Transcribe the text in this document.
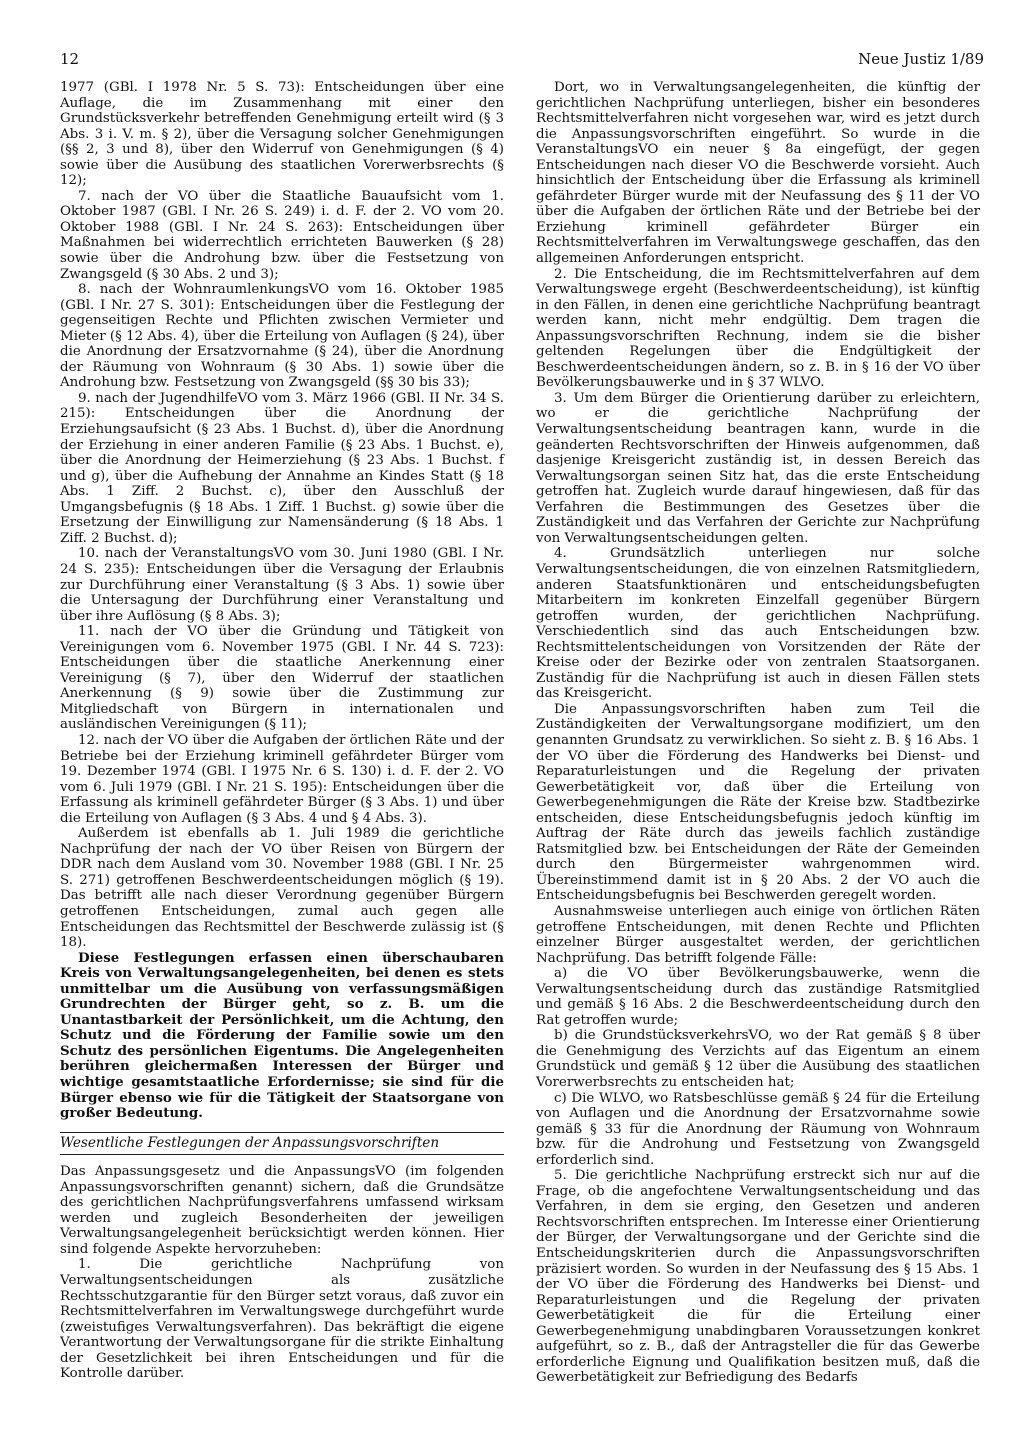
12	Neue Justiz 1/89

1977 (GBl. I 1978 Nr. 5 S. 73): Entscheidungen über eine Auflage, die im Zusammenhang mit einer den Grundstücksverkehr betreffenden Genehmigung erteilt wird (§ 3 Abs. 3 i. V. m. § 2), über die Versagung solcher Genehmigungen (§§ 2, 3 und 8), über den Widerruf von Genehmigungen (§ 4) sowie über die Ausübung des staatlichen Vorerwerbsrechts (§ 12);

7. nach der VO über die Staatliche Bauaufsicht vom 1. Oktober 1987 (GBl. I Nr. 26 S. 249) i. d. F. der 2. VO vom 20. Oktober 1988 (GBl. I Nr. 24 S. 263): Entscheidungen über Maßnahmen bei widerrechtlich errichteten Bauwerken (§ 28) sowie über die Androhung bzw. über die Festsetzung von Zwangsgeld (§ 30 Abs. 2 und 3);

8. nach der WohnraumlenkungsVO vom 16. Oktober 1985 (GBl. I Nr. 27 S. 301): Entscheidungen über die Festlegung der gegenseitigen Rechte und Pflichten zwischen Vermieter und Mieter (§ 12 Abs. 4), über die Erteilung von Auflagen (§ 24), über die Anordnung der Ersatzvornahme (§ 24), über die Anordnung der Räumung von Wohnraum (§ 30 Abs. 1) sowie über die Androhung bzw. Festsetzung von Zwangsgeld (§§ 30 bis 33);

9. nach der JugendhilfeVO vom 3. März 1966 (GBl. II Nr. 34 S. 215): Entscheidungen über die Anordnung der Erziehungsaufsicht (§ 23 Abs. 1 Buchst. d), über die Anordnung der Erziehung in einer anderen Familie (§ 23 Abs. 1 Buchst. e), über die Anordnung der Heimerziehung (§ 23 Abs. 1 Buchst. f und g), über die Aufhebung der Annahme an Kindes Statt (§ 18 Abs. 1 Ziff. 2 Buchst. c), über den Ausschluß der Umgangsbefugnis (§ 18 Abs. 1 Ziff. 1 Buchst. g) sowie über die Ersetzung der Einwilligung zur Namensänderung (§ 18 Abs. 1 Ziff. 2 Buchst. d);

10. nach der VeranstaltungsVO vom 30. Juni 1980 (GBl. I Nr. 24 S. 235): Entscheidungen über die Versagung der Erlaubnis zur Durchführung einer Veranstaltung (§ 3 Abs. 1) sowie über die Untersagung der Durchführung einer Veranstaltung und über ihre Auflösung (§ 8 Abs. 3);

11. nach der VO über die Gründung und Tätigkeit von Vereinigungen vom 6. November 1975 (GBl. I Nr. 44 S. 723): Entscheidungen über die staatliche Anerkennung einer Vereinigung (§ 7), über den Widerruf der staatlichen Anerkennung (§ 9) sowie über die Zustimmung zur Mitgliedschaft von Bürgern in internationalen und ausländischen Vereinigungen (§ 11);

12. nach der VO über die Aufgaben der örtlichen Räte und der Betriebe bei der Erziehung kriminell gefährdeter Bürger vom 19. Dezember 1974 (GBl. I 1975 Nr. 6 S. 130) i. d. F. der 2. VO vom 6. Juli 1979 (GBl. I Nr. 21 S. 195): Entscheidungen über die Erfassung als kriminell gefährdeter Bürger (§ 3 Abs. 1) und über die Erteilung von Auflagen (§ 3 Abs. 4 und § 4 Abs. 3).

Außerdem ist ebenfalls ab 1. Juli 1989 die gerichtliche Nachprüfung der nach der VO über Reisen von Bürgern der DDR nach dem Ausland vom 30. November 1988 (GBl. I Nr. 25 S. 271) getroffenen Beschwerdeentscheidungen möglich (§ 19). Das betrifft alle nach dieser Verordnung gegenüber Bürgern getroffenen Entscheidungen, zumal auch gegen alle Entscheidungen das Rechtsmittel der Beschwerde zulässig ist (§ 18).

Diese Festlegungen erfassen einen überschaubaren Kreis von Verwaltungsangelegenheiten, bei denen es stets unmittelbar um die Ausübung von verfassungsmäßigen Grundrechten der Bürger geht, so z. B. um die Unantastbarkeit der Persönlichkeit, um die Achtung, den Schutz und die Förderung der Familie sowie um den Schutz des persönlichen Eigentums. Die Angelegenheiten berühren gleichermaßen Interessen der Bürger und wichtige gesamtstaatliche Erfordernisse; sie sind für die Bürger ebenso wie für die Tätigkeit der Staatsorgane von großer Bedeutung.

Wesentliche Festlegungen der Anpassungsvorschriften

Das Anpassungsgesetz und die AnpassungsVO (im folgenden Anpassungsvorschriften genannt) sichern, daß die Grundsätze des gerichtlichen Nachprüfungsverfahrens umfassend wirksam werden und zugleich Besonderheiten der jeweiligen Verwaltungsangelegenheit berücksichtigt werden können. Hier sind folgende Aspekte hervorzuheben:

1. Die gerichtliche Nachprüfung von Verwaltungsentscheidungen als zusätzliche Rechtsschutzgarantie für den Bürger setzt voraus, daß zuvor ein Rechtsmittelverfahren im Verwaltungswege durchgeführt wurde (zweistufiges Verwaltungsverfahren). Das bekräftigt die eigene Verantwortung der Verwaltungsorgane für die strikte Einhaltung der Gesetzlichkeit bei ihren Entscheidungen und für die Kontrolle darüber.

Dort, wo in Verwaltungsangelegenheiten, die künftig der gerichtlichen Nachprüfung unterliegen, bisher ein besonderes Rechtsmittelverfahren nicht vorgesehen war, wird es jetzt durch die Anpassungsvorschriften eingeführt. So wurde in die VeranstaltungsVO ein neuer § 8a eingefügt, der gegen Entscheidungen nach dieser VO die Beschwerde vorsieht. Auch hinsichtlich der Entscheidung über die Erfassung als kriminell gefährdeter Bürger wurde mit der Neufassung des § 11 der VO über die Aufgaben der örtlichen Räte und der Betriebe bei der Erziehung kriminell gefährdeter Bürger ein Rechtsmittelverfahren im Verwaltungswege geschaffen, das den allgemeinen Anforderungen entspricht.

2. Die Entscheidung, die im Rechtsmittelverfahren auf dem Verwaltungswege ergeht (Beschwerdeentscheidung), ist künftig in den Fällen, in denen eine gerichtliche Nachprüfung beantragt werden kann, nicht mehr endgültig. Dem tragen die Anpassungsvorschriften Rechnung, indem sie die bisher geltenden Regelungen über die Endgültigkeit der Beschwerdeentscheidungen ändern, so z. B. in § 16 der VO über Bevölkerungsbauwerke und in § 37 WLVO.

3. Um dem Bürger die Orientierung darüber zu erleichtern, wo er die gerichtliche Nachprüfung der Verwaltungsentscheidung beantragen kann, wurde in die geänderten Rechtsvorschriften der Hinweis aufgenommen, daß dasjenige Kreisgericht zuständig ist, in dessen Bereich das Verwaltungsorgan seinen Sitz hat, das die erste Entscheidung getroffen hat. Zugleich wurde darauf hingewiesen, daß für das Verfahren die Bestimmungen des Gesetzes über die Zuständigkeit und das Verfahren der Gerichte zur Nachprüfung von Verwaltungsentscheidungen gelten.

4. Grundsätzlich unterliegen nur solche Verwaltungsentscheidungen, die von einzelnen Ratsmitgliedern, anderen Staatsfunktionären und entscheidungsbefugten Mitarbeitern im konkreten Einzelfall gegenüber Bürgern getroffen wurden, der gerichtlichen Nachprüfung. Verschiedentlich sind das auch Entscheidungen bzw. Rechtsmittelentscheidungen von Vorsitzenden der Räte der Kreise oder der Bezirke oder von zentralen Staatsorganen. Zuständig für die Nachprüfung ist auch in diesen Fällen stets das Kreisgericht.

Die Anpassungsvorschriften haben zum Teil die Zuständigkeiten der Verwaltungsorgane modifiziert, um den genannten Grundsatz zu verwirklichen. So sieht z. B. § 16 Abs. 1 der VO über die Förderung des Handwerks bei Dienst- und Reparaturleistungen und die Regelung der privaten Gewerbetätigkeit vor, daß über die Erteilung von Gewerbegenehmigungen die Räte der Kreise bzw. Stadtbezirke entscheiden, diese Entscheidungsbefugnis jedoch künftig im Auftrag der Räte durch das jeweils fachlich zuständige Ratsmitglied bzw. bei Entscheidungen der Räte der Gemeinden durch den Bürgermeister wahrgenommen wird. Übereinstimmend damit ist in § 20 Abs. 2 der VO auch die Entscheidungsbefugnis bei Beschwerden geregelt worden.

Ausnahmsweise unterliegen auch einige von örtlichen Räten getroffene Entscheidungen, mit denen Rechte und Pflichten einzelner Bürger ausgestaltet werden, der gerichtlichen Nachprüfung. Das betrifft folgende Fälle:

a) die VO über Bevölkerungsbauwerke, wenn die Verwaltungsentscheidung durch das zuständige Ratsmitglied und gemäß § 16 Abs. 2 die Beschwerdeentscheidung durch den Rat getroffen wurde;

b) die GrundstücksverkehrsVO, wo der Rat gemäß § 8 über die Genehmigung des Verzichts auf das Eigentum an einem Grundstück und gemäß § 12 über die Ausübung des staatlichen Vorerwerbsrechts zu entscheiden hat;

c) Die WLVO, wo Ratsbeschlüsse gemäß § 24 für die Erteilung von Auflagen und die Anordnung der Ersatzvornahme sowie gemäß § 33 für die Anordnung der Räumung von Wohnraum bzw. für die Androhung und Festsetzung von Zwangsgeld erforderlich sind.

5. Die gerichtliche Nachprüfung erstreckt sich nur auf die Frage, ob die angefochtene Verwaltungsentscheidung und das Verfahren, in dem sie erging, den Gesetzen und anderen Rechtsvorschriften entsprechen. Im Interesse einer Orientierung der Bürger, der Verwaltungsorgane und der Gerichte sind die Entscheidungskriterien durch die Anpassungsvorschriften präzisiert worden. So wurden in der Neufassung des § 15 Abs. 1 der VO über die Förderung des Handwerks bei Dienst- und Reparaturleistungen und die Regelung der privaten Gewerbetätigkeit die für die Erteilung einer Gewerbegenehmigung unabdingbaren Voraussetzungen konkret aufgeführt, so z. B., daß der Antragsteller die für das Gewerbe erforderliche Eignung und Qualifikation besitzen muß, daß die Gewerbetätigkeit zur Befriedigung des Bedarfs
